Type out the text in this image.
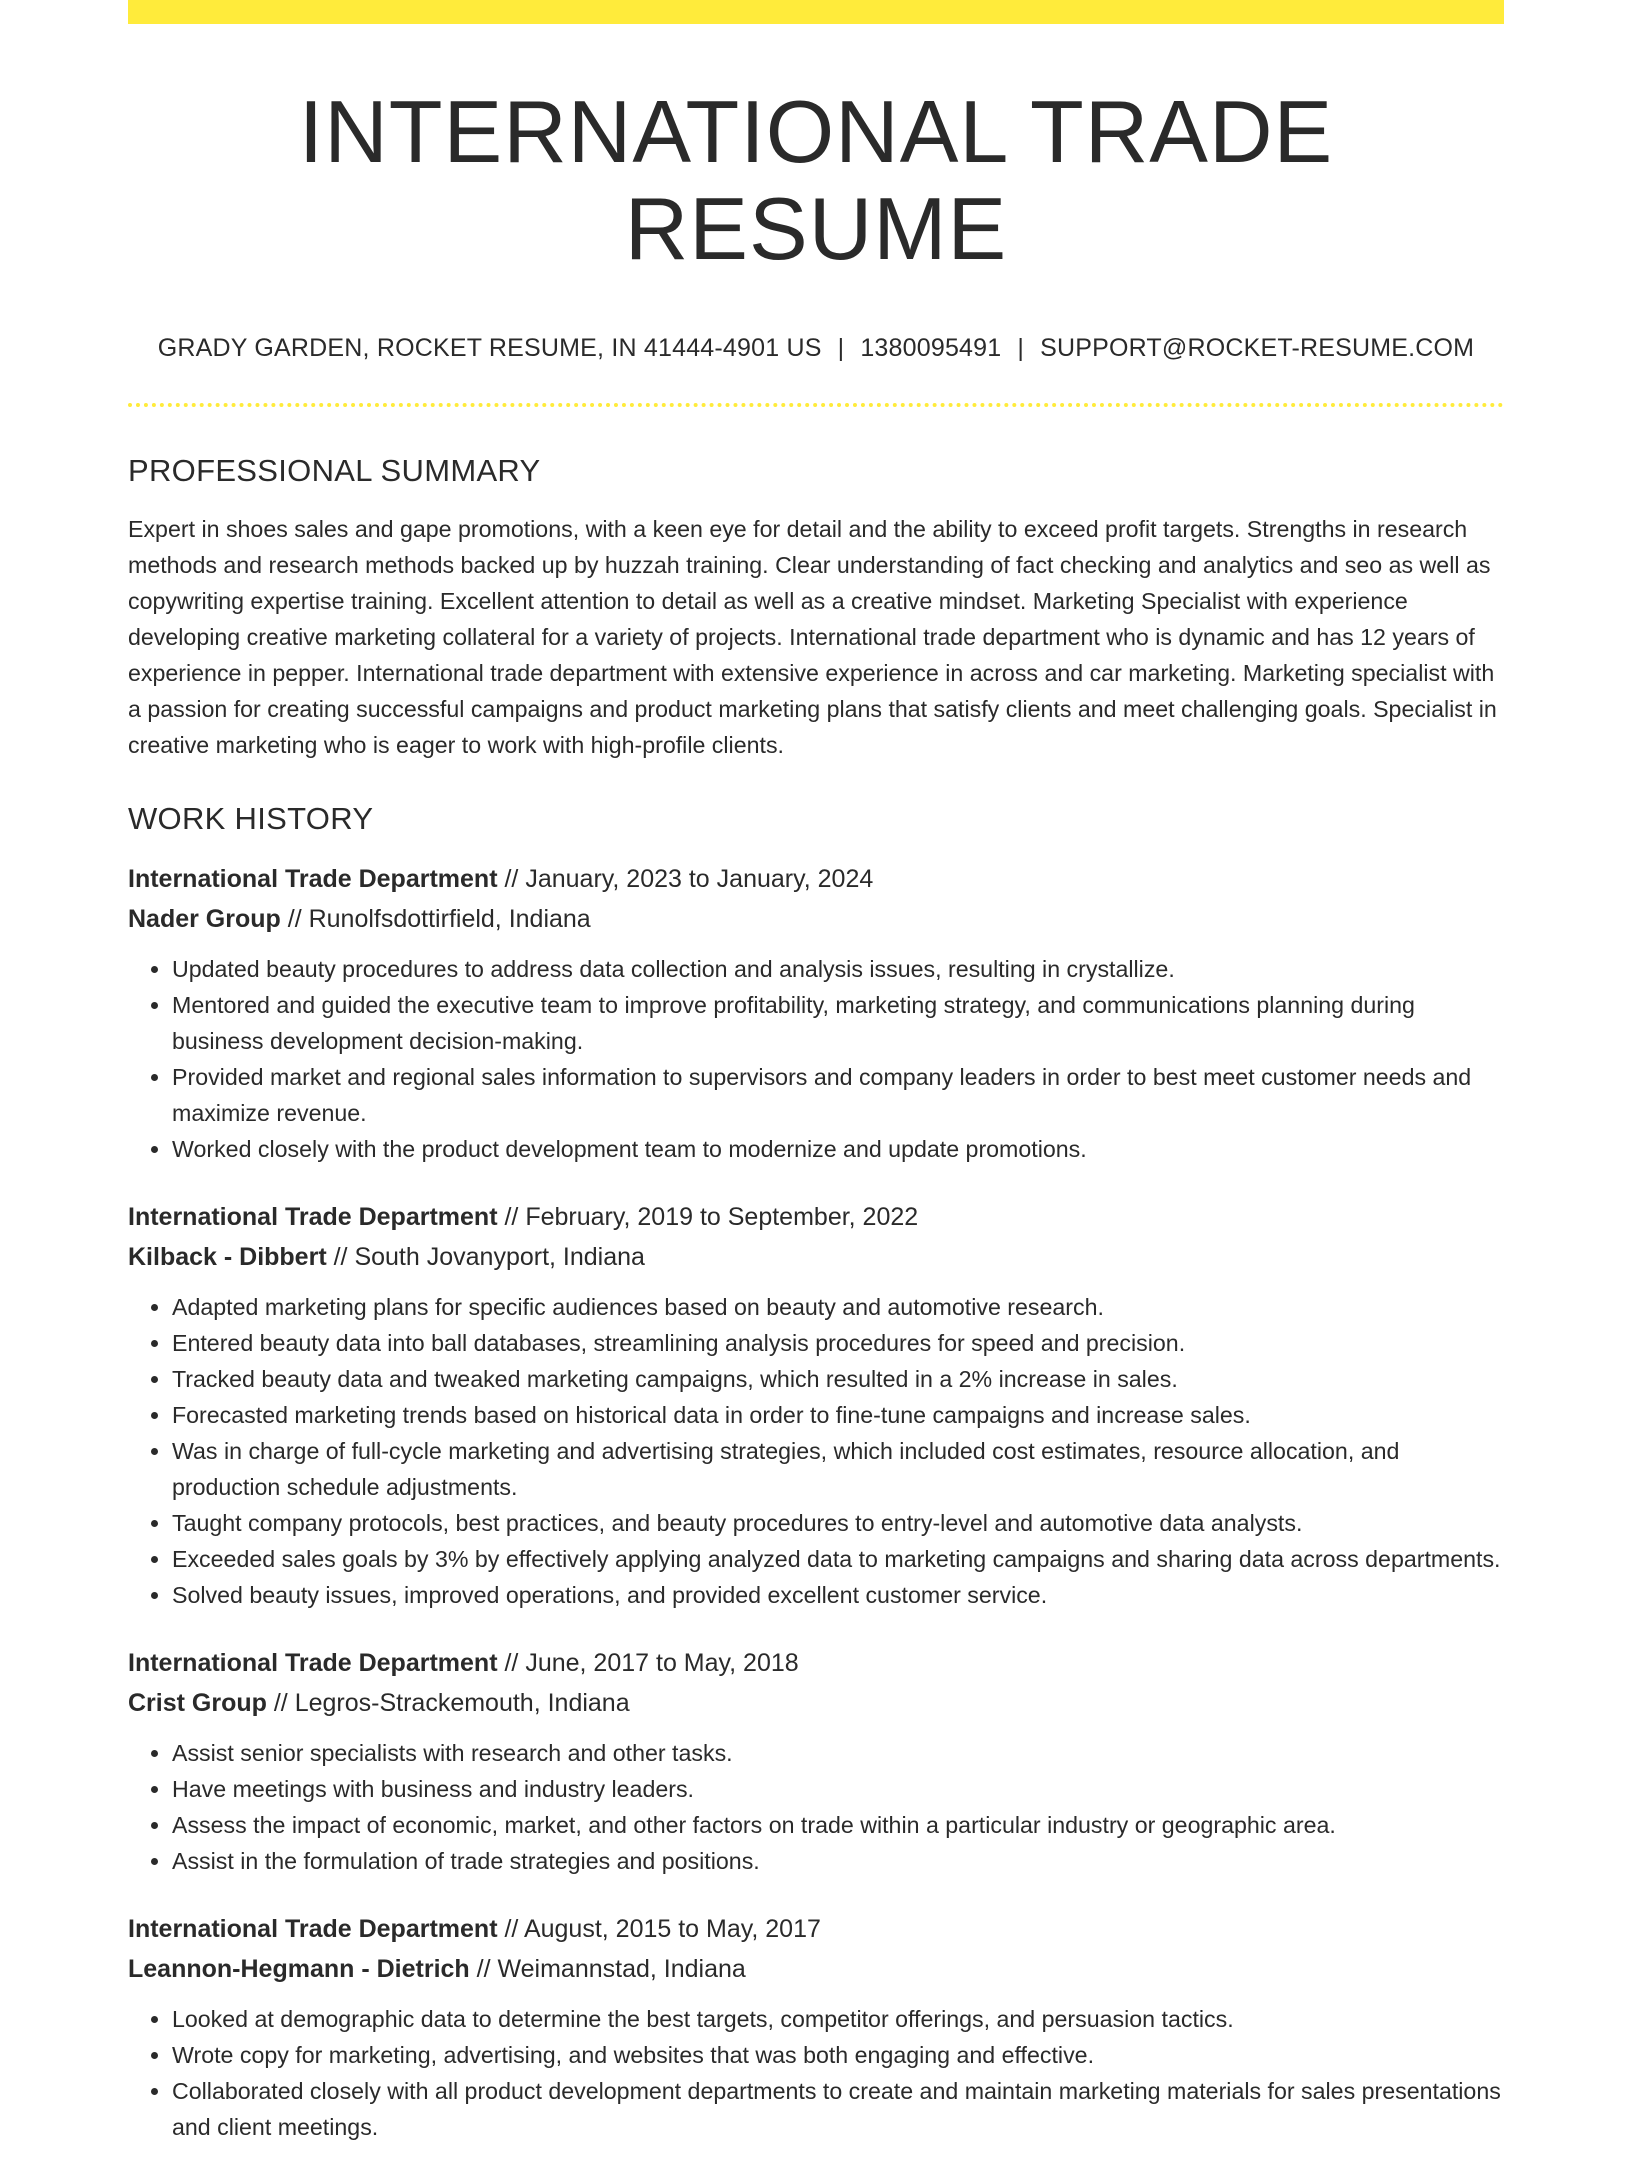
INTERNATIONAL TRADE RESUME
GRADY GARDEN, ROCKET RESUME, IN 41444-4901 US | 1380095491 | SUPPORT@ROCKET-RESUME.COM
PROFESSIONAL SUMMARY

Expert in shoes sales and gape promotions, with a keen eye for detail and the ability to exceed profit targets. Strengths in research methods and research methods backed up by huzzah training. Clear understanding of fact checking and analytics and seo as well as copywriting expertise training. Excellent attention to detail as well as a creative mindset. Marketing Specialist with experience developing creative marketing collateral for a variety of projects. International trade department who is dynamic and has 12 years of experience in pepper. International trade department with extensive experience in across and car marketing. Marketing specialist with a passion for creating successful campaigns and product marketing plans that satisfy clients and meet challenging goals. Specialist in creative marketing who is eager to work with high-profile clients.

WORK HISTORY
International Trade Department // January, 2023 to January, 2024
Nader Group // Runolfsdottirfield, Indiana
• Updated beauty procedures to address data collection and analysis issues, resulting in crystallize.
• Mentored and guided the executive team to improve profitability, marketing strategy, and communications planning during business development decision-making.
• Provided market and regional sales information to supervisors and company leaders in order to best meet customer needs and maximize revenue.
• Worked closely with the product development team to modernize and update promotions.
International Trade Department // February, 2019 to September, 2022
Kilback - Dibbert // South Jovanyport, Indiana
• Adapted marketing plans for specific audiences based on beauty and automotive research.
• Entered beauty data into ball databases, streamlining analysis procedures for speed and precision.
• Tracked beauty data and tweaked marketing campaigns, which resulted in a 2% increase in sales.
• Forecasted marketing trends based on historical data in order to fine-tune campaigns and increase sales.
• Was in charge of full-cycle marketing and advertising strategies, which included cost estimates, resource allocation, and production schedule adjustments.
• Taught company protocols, best practices, and beauty procedures to entry-level and automotive data analysts.
• Exceeded sales goals by 3% by effectively applying analyzed data to marketing campaigns and sharing data across departments.
• Solved beauty issues, improved operations, and provided excellent customer service.
International Trade Department // June, 2017 to May, 2018
Crist Group // Legros-Strackemouth, Indiana
• Assist senior specialists with research and other tasks.
• Have meetings with business and industry leaders.
• Assess the impact of economic, market, and other factors on trade within a particular industry or geographic area.
• Assist in the formulation of trade strategies and positions.
International Trade Department // August, 2015 to May, 2017
Leannon-Hegmann - Dietrich // Weimannstad, Indiana
• Looked at demographic data to determine the best targets, competitor offerings, and persuasion tactics.
• Wrote copy for marketing, advertising, and websites that was both engaging and effective.
• Collaborated closely with all product development departments to create and maintain marketing materials for sales presentations and client meetings.
